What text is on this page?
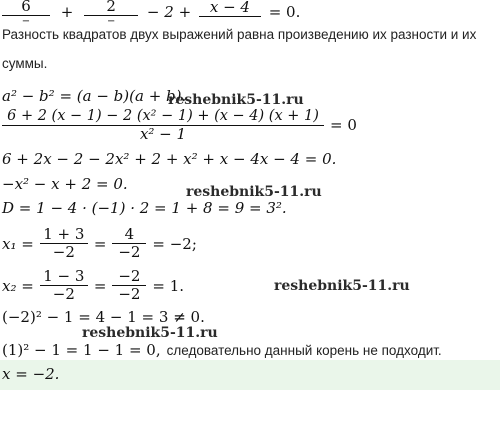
$\frac{6}{-} + \frac{2}{-} - 2 + x - 4 = 0$.
Разность квадратов двух выражений равна произведению их разности и их
суммы.
a² − b² = (a − b)(a + b).
reshebnik5-11.ru
$\frac{\text{6 + 2 (x − 1) − 2 (x² − 1) + (x − 4) (x + 1)}}{\text{x² − 1}} = 0$
6 + 2x − 2 − 2x² + 2 + x² + x − 4x − 4 = 0.
−x² − x + 2 = 0.	reshebnik5-11.ru
D = 1 − 4 · (−1) · 2 = 1 + 8 = 9 = 3².
$x_1 = \frac{1 + 3}{-2} = \frac{4}{-2} = -2$;
$x_2 = \frac{1 - 3}{-2} = \frac{-2}{-2} = 1$.	reshebnik5-11.ru
(−2)² − 1 = 4 − 1 = 3 ≠ 0.
reshebnik5-11.ru
(1)² − 1 = 1 − 1 = 0, следовательно данный корень не подходит.
x = −2.
